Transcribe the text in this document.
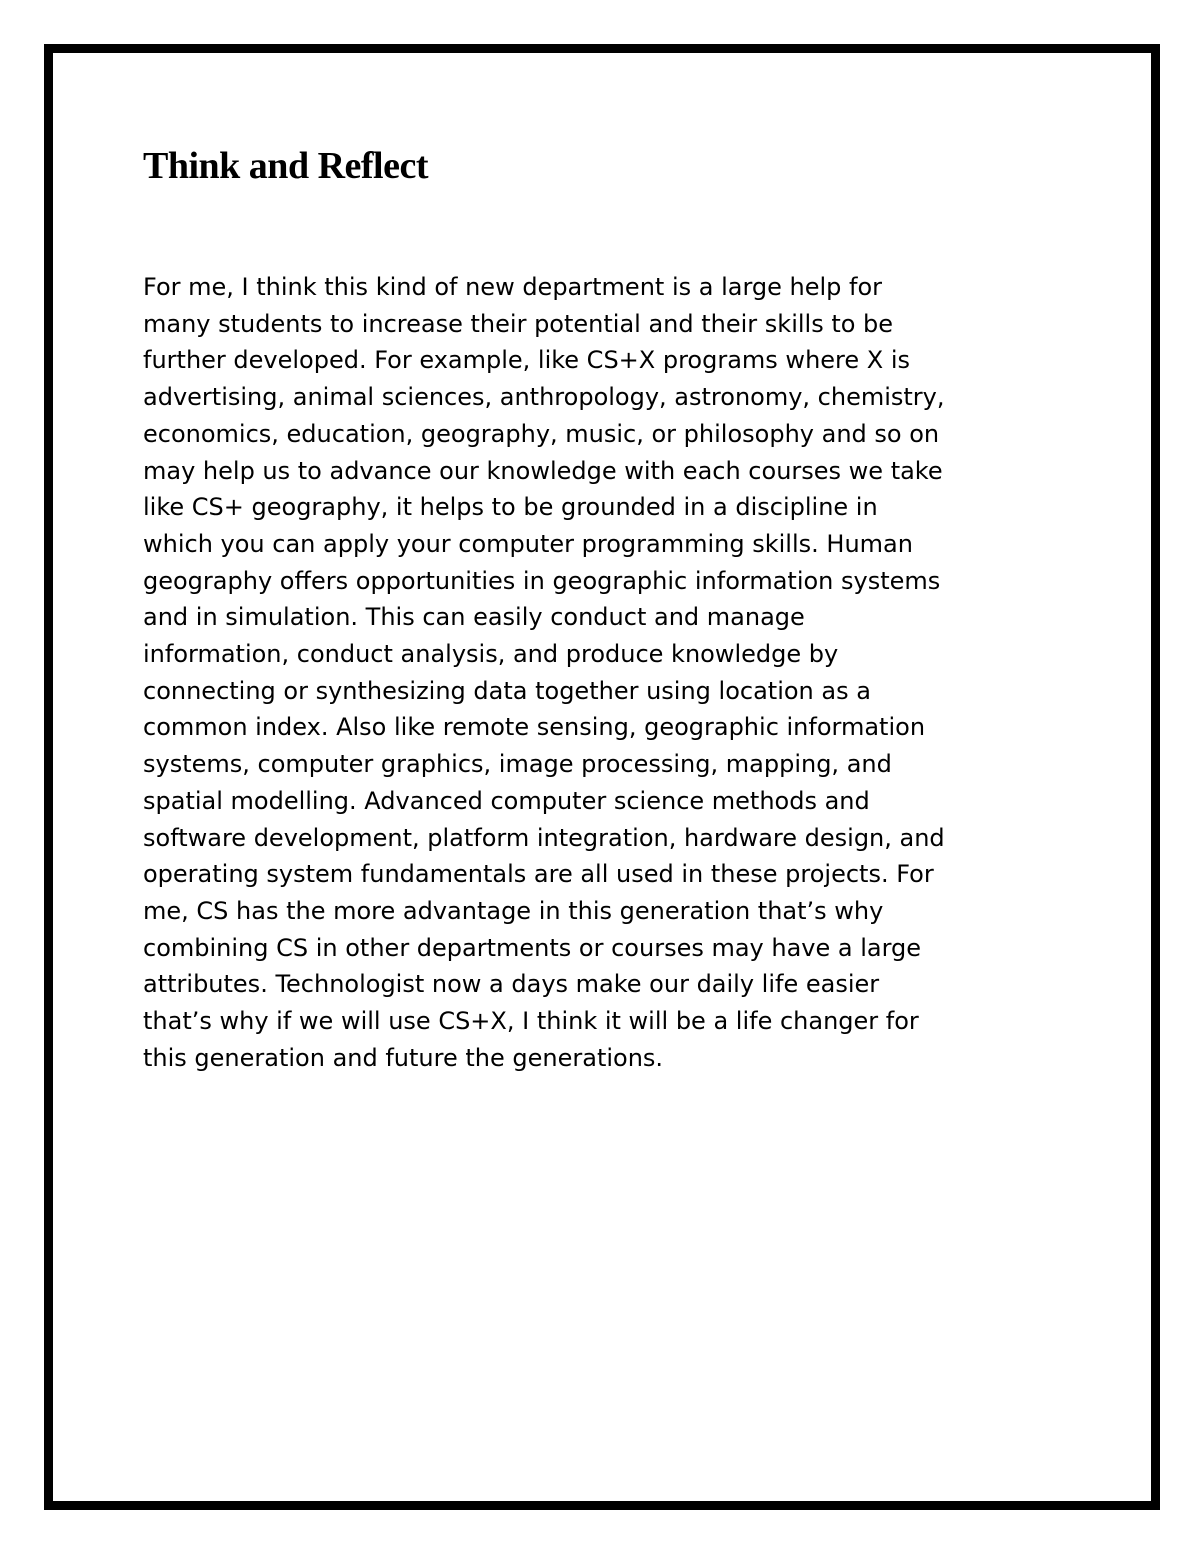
Think and Reflect
For me, I think this kind of new department is a large help for
many students to increase their potential and their skills to be
further developed. For example, like CS+X programs where X is
advertising, animal sciences, anthropology, astronomy, chemistry,
economics, education, geography, music, or philosophy and so on
may help us to advance our knowledge with each courses we take
like CS+ geography, it helps to be grounded in a discipline in
which you can apply your computer programming skills. Human
geography offers opportunities in geographic information systems
and in simulation. This can easily conduct and manage
information, conduct analysis, and produce knowledge by
connecting or synthesizing data together using location as a
common index. Also like remote sensing, geographic information
systems, computer graphics, image processing, mapping, and
spatial modelling. Advanced computer science methods and
software development, platform integration, hardware design, and
operating system fundamentals are all used in these projects. For
me, CS has the more advantage in this generation that’s why
combining CS in other departments or courses may have a large
attributes. Technologist now a days make our daily life easier
that’s why if we will use CS+X, I think it will be a life changer for
this generation and future the generations.
